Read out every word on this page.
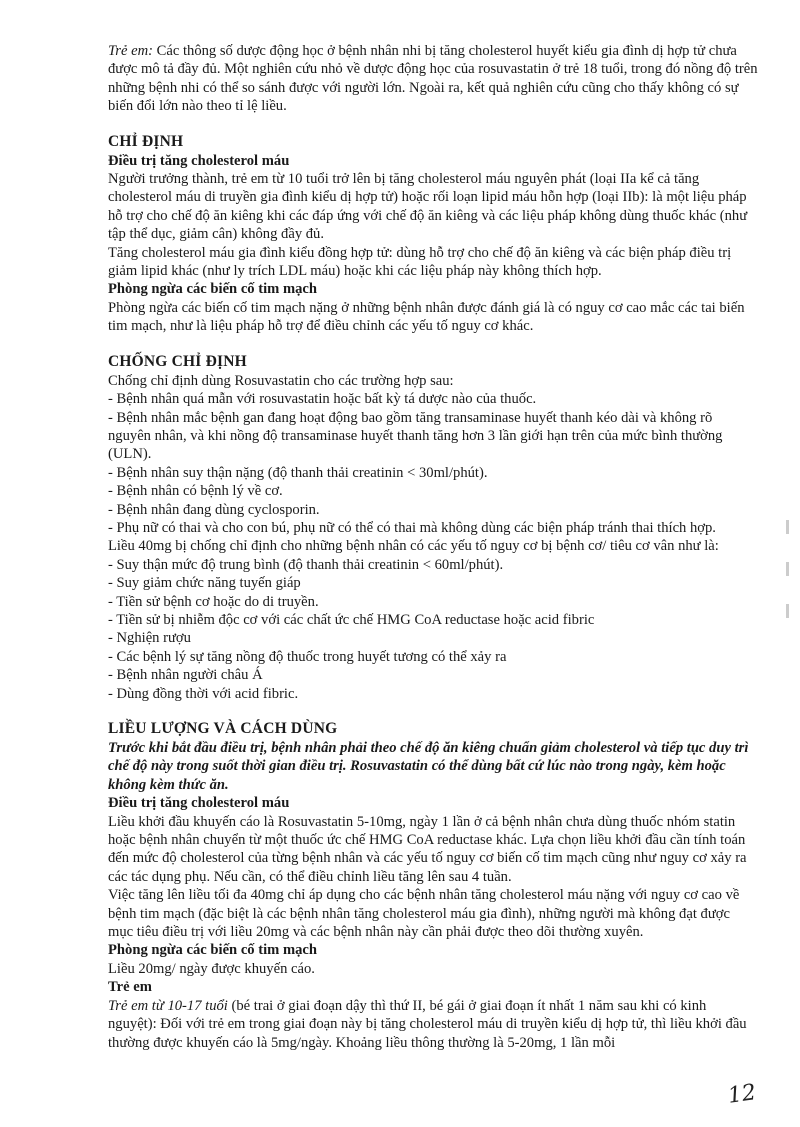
Trẻ em: Các thông số dược động học ở bệnh nhân nhi bị tăng cholesterol huyết kiểu gia đình dị hợp tử chưa được mô tả đầy đủ. Một nghiên cứu nhỏ về dược động học của rosuvastatin ở trẻ 18 tuổi, trong đó nồng độ trên những bệnh nhi có thể so sánh được với người lớn. Ngoài ra, kết quả nghiên cứu cũng cho thấy không có sự biến đổi lớn nào theo tỉ lệ liều.

CHỈ ĐỊNH

Điều trị tăng cholesterol máu

Người trưởng thành, trẻ em từ 10 tuổi trở lên bị tăng cholesterol máu nguyên phát (loại IIa kể cả tăng cholesterol máu di truyền gia đình kiểu dị hợp tử) hoặc rối loạn lipid máu hỗn hợp (loại IIb): là một liệu pháp hỗ trợ cho chế độ ăn kiêng khi các đáp ứng với chế độ ăn kiêng và các liệu pháp không dùng thuốc khác (như tập thể dục, giảm cân) không đầy đủ.

Tăng cholesterol máu gia đình kiểu đồng hợp tử: dùng hỗ trợ cho chế độ ăn kiêng và các biện pháp điều trị giảm lipid khác (như ly trích LDL máu) hoặc khi các liệu pháp này không thích hợp.

Phòng ngừa các biến cố tim mạch

Phòng ngừa các biến cố tim mạch nặng ở những bệnh nhân được đánh giá là có nguy cơ cao mắc các tai biến tim mạch, như là liệu pháp hỗ trợ để điều chỉnh các yếu tố nguy cơ khác.

CHỐNG CHỈ ĐỊNH

Chống chỉ định dùng Rosuvastatin cho các trường hợp sau:

- Bệnh nhân quá mẫn với rosuvastatin hoặc bất kỳ tá dược nào của thuốc.

- Bệnh nhân mắc bệnh gan đang hoạt động bao gồm tăng transaminase huyết thanh kéo dài và không rõ nguyên nhân, và khi nồng độ transaminase huyết thanh tăng hơn 3 lần giới hạn trên của mức bình thường (ULN).

- Bệnh nhân suy thận nặng (độ thanh thải creatinin < 30ml/phút).

- Bệnh nhân có bệnh lý về cơ.

- Bệnh nhân đang dùng cyclosporin.

- Phụ nữ có thai và cho con bú, phụ nữ có thể có thai mà không dùng các biện pháp tránh thai thích hợp.

Liều 40mg bị chống chỉ định cho những bệnh nhân có các yếu tố nguy cơ bị bệnh cơ/ tiêu cơ vân như là:

- Suy thận mức độ trung bình (độ thanh thải creatinin < 60ml/phút).

- Suy giảm chức năng tuyến giáp

- Tiền sử bệnh cơ hoặc do di truyền.

- Tiền sử bị nhiễm độc cơ với các chất ức chế HMG CoA reductase hoặc acid fibric

- Nghiện rượu

- Các bệnh lý sự tăng nồng độ thuốc trong huyết tương có thể xảy ra

- Bệnh nhân người châu Á

- Dùng đồng thời với acid fibric.

LIỀU LƯỢNG VÀ CÁCH DÙNG

Trước khi bắt đầu điều trị, bệnh nhân phải theo chế độ ăn kiêng chuẩn giảm cholesterol và tiếp tục duy trì chế độ này trong suốt thời gian điều trị. Rosuvastatin có thể dùng bất cứ lúc nào trong ngày, kèm hoặc không kèm thức ăn.

Điều trị tăng cholesterol máu

Liều khởi đầu khuyến cáo là Rosuvastatin 5-10mg, ngày 1 lần ở cả bệnh nhân chưa dùng thuốc nhóm statin hoặc bệnh nhân chuyển từ một thuốc ức chế HMG CoA reductase khác. Lựa chọn liều khởi đầu cần tính toán đến mức độ cholesterol của từng bệnh nhân và các yếu tố nguy cơ biến cố tim mạch cũng như nguy cơ xảy ra các tác dụng phụ. Nếu cần, có thể điều chỉnh liều tăng lên sau 4 tuần.

Việc tăng lên liều tối đa 40mg chỉ áp dụng cho các bệnh nhân tăng cholesterol máu nặng với nguy cơ cao về bệnh tim mạch (đặc biệt là các bệnh nhân tăng cholesterol máu gia đình), những người mà không đạt được mục tiêu điều trị với liều 20mg và các bệnh nhân này cần phải được theo dõi thường xuyên.

Phòng ngừa các biến cố tim mạch

Liều 20mg/ ngày được khuyến cáo.

Trẻ em

Trẻ em từ 10-17 tuổi (bé trai ở giai đoạn dậy thì thứ II, bé gái ở giai đoạn ít nhất 1 năm sau khi có kinh nguyệt): Đối với trẻ em trong giai đoạn này bị tăng cholesterol máu di truyền kiểu dị hợp tử, thì liều khởi đầu thường được khuyến cáo là 5mg/ngày. Khoảng liều thông thường là 5-20mg, 1 lần mỗi

12
